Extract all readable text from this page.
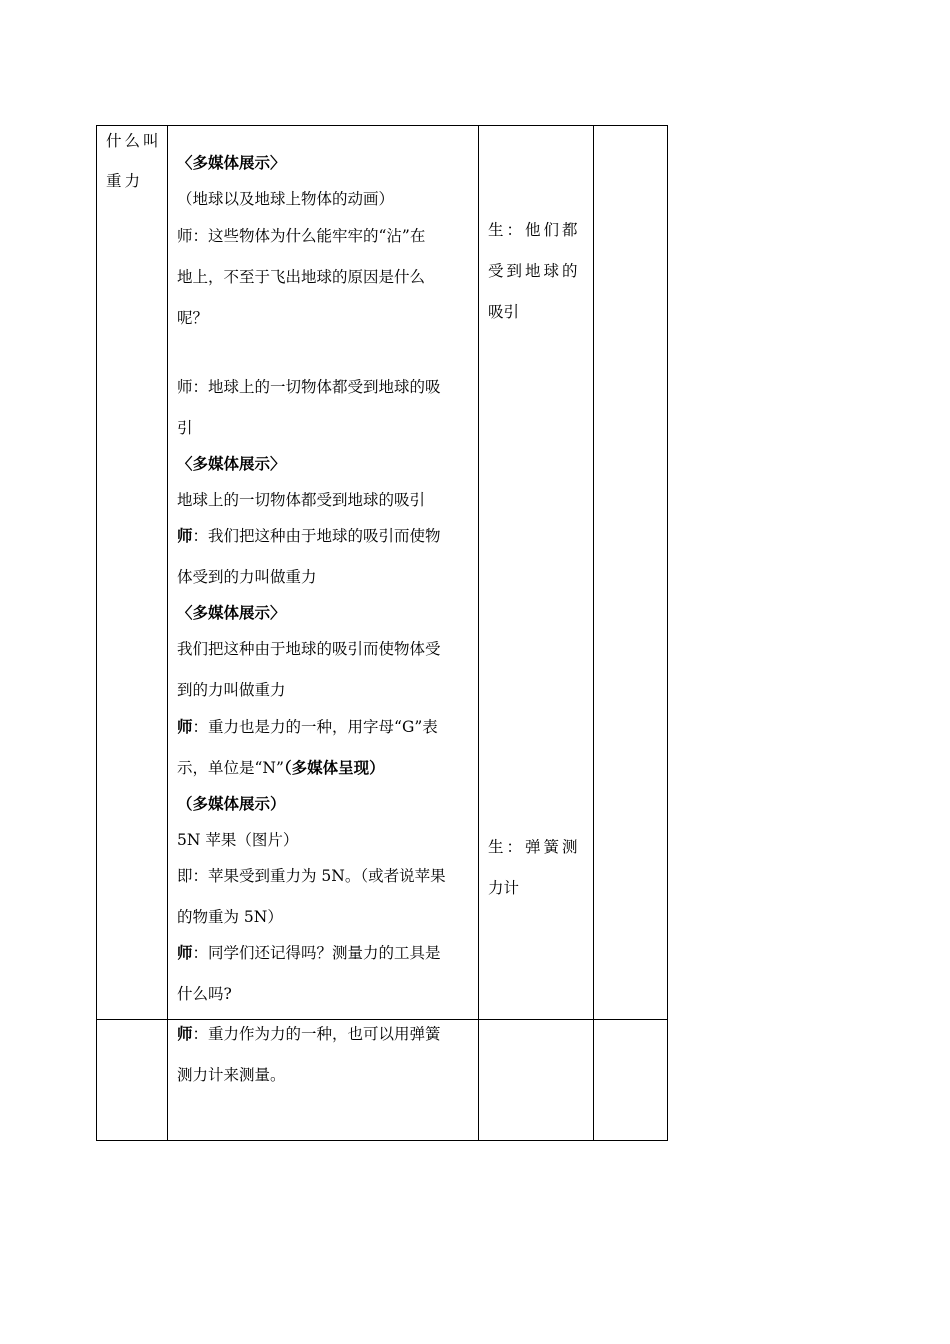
什么叫
重力
〈多媒体展示〉
（地球以及地球上物体的动画）
师：这些物体为什么能牢牢的“沾”在
地上，不至于飞出地球的原因是什么
呢？
师：地球上的一切物体都受到地球的吸
引
〈多媒体展示〉
地球上的一切物体都受到地球的吸引
师：我们把这种由于地球的吸引而使物
体受到的力叫做重力
〈多媒体展示〉
我们把这种由于地球的吸引而使物体受
到的力叫做重力
师：重力也是力的一种，用字母“G”表
示，单位是“N”（多媒体呈现）
（多媒体展示）
5N 苹果（图片）
即：苹果受到重力为 5N。（或者说苹果
的物重为 5N）
师：同学们还记得吗？测量力的工具是
什么吗?
生：他们都
受到地球的
吸引
生：弹簧测
力计
师：重力作为力的一种，也可以用弹簧
测力计来测量。
